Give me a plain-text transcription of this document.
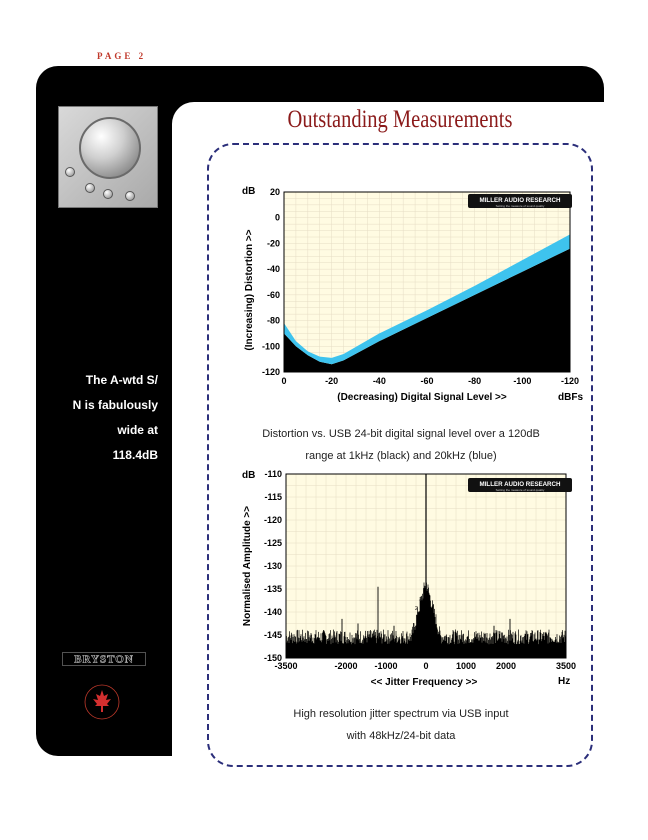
PAGE 2
The A-wtd S/
N is fabulously
wide at
118.4dB
BRYSTON
Outstanding Measurements
dB
dBFs
(Decreasing) Digital Signal Level >>
(Increasing) Distortion >>
0	-20	-40	-60	-80	-100	-120
20
0
-20
-40
-60
-80
-100
-120
MILLER AUDIO RESEARCH
Setting the measure of sound quality
Distortion vs. USB 24-bit digital signal level over a 120dB
range at 1kHz (black) and 20kHz (blue)
dB
Hz
<< Jitter Frequency >>
Normalised Amplitude >>	2
1 1
2
-3500	-2000 -1000	0	1000 2000	3500
-110
-115
-120
-125
-130
-135
-140
-145
-150
MILLER AUDIO RESEARCH
Setting the measure of sound quality
High resolution jitter spectrum via USB input
with 48kHz/24-bit data
